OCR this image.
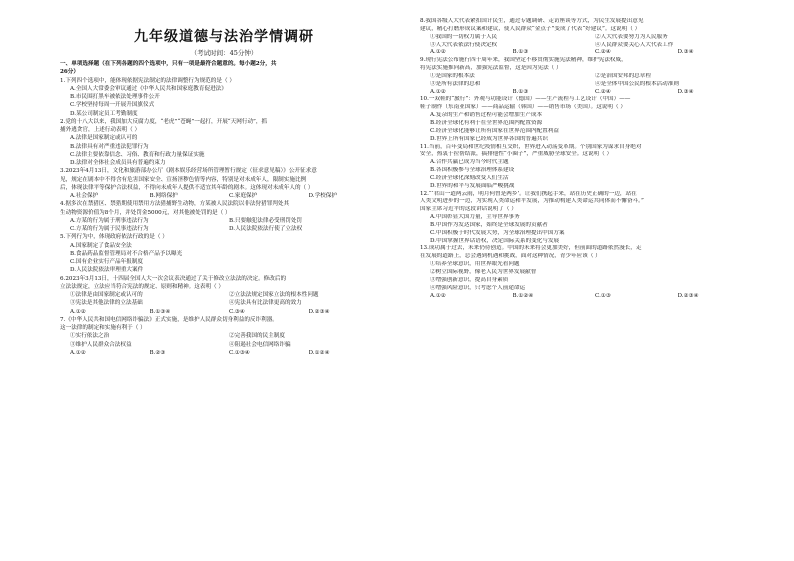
九年级道德与法治学情调研
（考试时间：45分钟）
一、单项选择题（在下列各题的四个选项中，只有一项是最符合题意的。每小题2分，共
26分）
1.下列四个选项中，能体现依据宪法制定的法律调整行为规范的是（ ）
A.全国人大常委会审议通过《中华人民共和国家庭教育促进法》
B.市民围打黑车被依法处理事件公开
C.学校坚持每周一开展升国旗仪式
D.某公司制定员工考勤制度
2.党的十八大以来，我国加大反腐力度，“老虎”“苍蝇”一起打，开展“天网行动”，抓
捕外逃贪官，上述行动表明（ ）
A.法律是国家制定或认可的
B.法律具有对严重违法犯罪行为
C.法律主要依靠信念、习俗、教育和行政力量保证实施
D.法律对全体社会成员具有普遍约束力
3.2023年4月13日，文化和旅游部办公厅《剧本娱乐经营场所管理暂行规定（征求意见稿）》公开征求意
见，规定在剧本中不得含有危害国家安全、宣扬淫秽色情等内容，特别是对未成年人，限制实施比例
后，体现法律平等保护合法权益，不得向未成年人提供不适宜其年龄的剧本。这体现对未成年人的（ ）
A.社会保护	B.网络保护	C.家庭保护	D.学校保护
4.据多次在禁猎区、禁猎期使用禁用方法猎捕野生动物，方某被人民法院以非法狩猎罪判处其
生动物资源价值为8个月，并处罚金5000元，对其他被处罚的是（ ）
A.方某的行为属于刑事违法行为	B.只要触犯法律必受刑罚处罚
C.方某的行为属于民事违法行为	D.人民法院依法行使了立法权
5.下列行为中，体现政府依法行政的是（ ）
A.国家制定了食品安全法
B.食品药品监督管理局对不合格产品予以曝光
C.国有企业实行产品年报制度
D.人民法院依法审理重大案件
6.2023年3月13日，十四届全国人大一次会议表决通过了关于修改立法法的决定。修改后的
立法法规定，立法应当符合宪法的规定、原则和精神。这表明（ ）
①法律是由国家制定或认可的	②立法法规定国家立法的根本性问题
③宪法是其他法律的立法基础	④宪法具有比法律更高的效力
A.①②	B.①③④	C.③④	D.②③④
7.《中华人民共和国电信网络诈骗法》正式实施，是维护人民群众切身利益的反诈利器。
这一法律的制定和实施有利于（ ）
①实行依法之治	②完善我国的民主制度
③维护人民群众合法权益	④阻遏社会电信网络诈骗
A.①②	B.②③	C.①③④	D.①②④
8.我国各级人大代表紧扣国计民生，通过专题调研、走访座谈等方式，为民生发展提出意见
建议，精心打磨形成议案和建议，使人民群众“金点子”变成了代表“好建议”。这说明（ ）
①我国的一切权力属于人民	②人大代表要努力为人民服务
③人大代表依法行使决定权	④人民群众要关心人大代表工作
A.①②	B.①③	C.②④	D.③④
9.现行宪法公布施行四十周年来，我国坚定不移贯彻实施宪法精神，维护宪法权威，
将宪法实施推向新高，加强宪法监督，这是因为宪法（ ）
①是国家的根本法	②是治国安邦的总章程
③是所有法律的总和	④是全体中国公民的根本活动准则
A.①②	B.①③	C.②④	D.③④
10.一双鞋的“旅行”：外观与功能设计（德国）——生产流程与工艺设计（中国）——
鞋子制作（东南亚国家）——商品运输（韩国）——销售市场（美国）。这说明（ ）
A.复杂的生产和销售过程可能会增加生产成本
B.经济全球化有利于在全世界范围内配置资源
C.经济全球化能够让所有国家在世界范围内配置利益
D.世界上所有国家已经成为世界各国的普遍共识
11.当前，百年变局和世纪疫情相互交织，世界进入动荡变革期。个别国家为谋求自身绝对
安全，热衷于拉帮结派，搞排他性“小圈子”，严重威胁全球安全。这说明（ ）
A.合作共赢已成为当今时代主题
B.各国积极参与全球治理体系建设
C.经济全球化深刻改变人们生活
D.世界的和平与发展面临严峻挑战
12.“‘君山一道两云雨，明月何曾是两乡’。让我们携起手来，站在历史正确的一边，站在
人类文明进步的一边，为实现人类命运和平发展，为推动构建人类命运共同体而不懈奋斗。”
国家主席习近平的这段讲话说明了（ ）
A.中国彰显大国力量，主导世界事务
B.中国作为发达国家，始终是全球发展的贡献者
C.中国积极于时代发展大势，为全球治理提出中国方案
D.中国掌握世界话语权，决定国际关系的变化与发展
13.成功属于过去，未来仍待创造。中国的未来将会更加美好，但前面的道路依然漫长，走
在发展的道路上，总会遇到机遇和挑战，面对这种情况，青少年应该（ ）
①培养全球意识，用世界眼光看问题
②树立国际视野，像老人民为世界发展献智
③增强创新意识，提高自身素质
④增强风险意识，只考虑个人前途命运
A.①②	B.①②④	C.①③	D.②③④
